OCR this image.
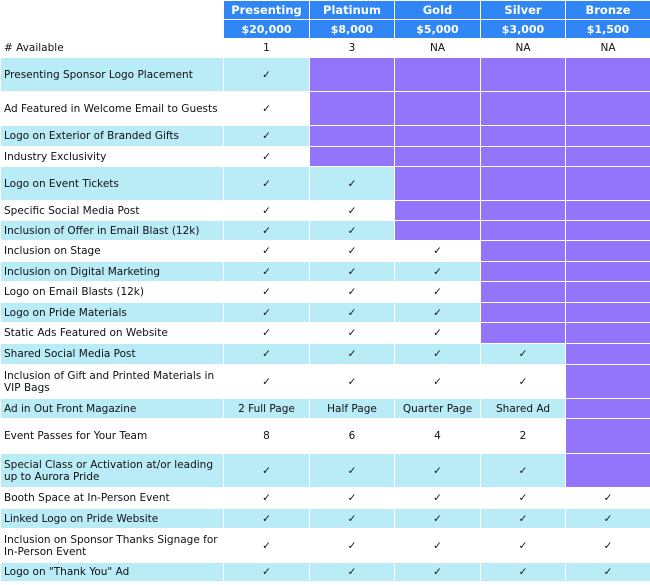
	Presenting	Platinum	Gold	Silver	Bronze
	$20,000	$8,000	$5,000	$3,000	$1,500
# Available	1	3	NA	NA	NA
Presenting Sponsor Logo Placement	✓				
Ad Featured in Welcome Email to Guests	✓				
Logo on Exterior of Branded Gifts	✓				
Industry Exclusivity	✓				
Logo on Event Tickets	✓	✓			
Specific Social Media Post	✓	✓			
Inclusion of Offer in Email Blast (12k)	✓	✓			
Inclusion on Stage	✓	✓	✓		
Inclusion on Digital Marketing	✓	✓	✓		
Logo on Email Blasts (12k)	✓	✓	✓		
Logo on Pride Materials	✓	✓	✓		
Static Ads Featured on Website	✓	✓	✓		
Shared Social Media Post	✓	✓	✓	✓	
Inclusion of Gift and Printed Materials in VIP Bags	✓	✓	✓	✓	
Ad in Out Front Magazine	2 Full Page	Half Page	Quarter Page	Shared Ad	
Event Passes for Your Team	8	6	4	2	
Special Class or Activation at/or leading up to Aurora Pride	✓	✓	✓	✓	
Booth Space at In-Person Event	✓	✓	✓	✓	✓
Linked Logo on Pride Website	✓	✓	✓	✓	✓
Inclusion on Sponsor Thanks Signage for In-Person Event	✓	✓	✓	✓	✓
Logo on "Thank You" Ad	✓	✓	✓	✓	✓
